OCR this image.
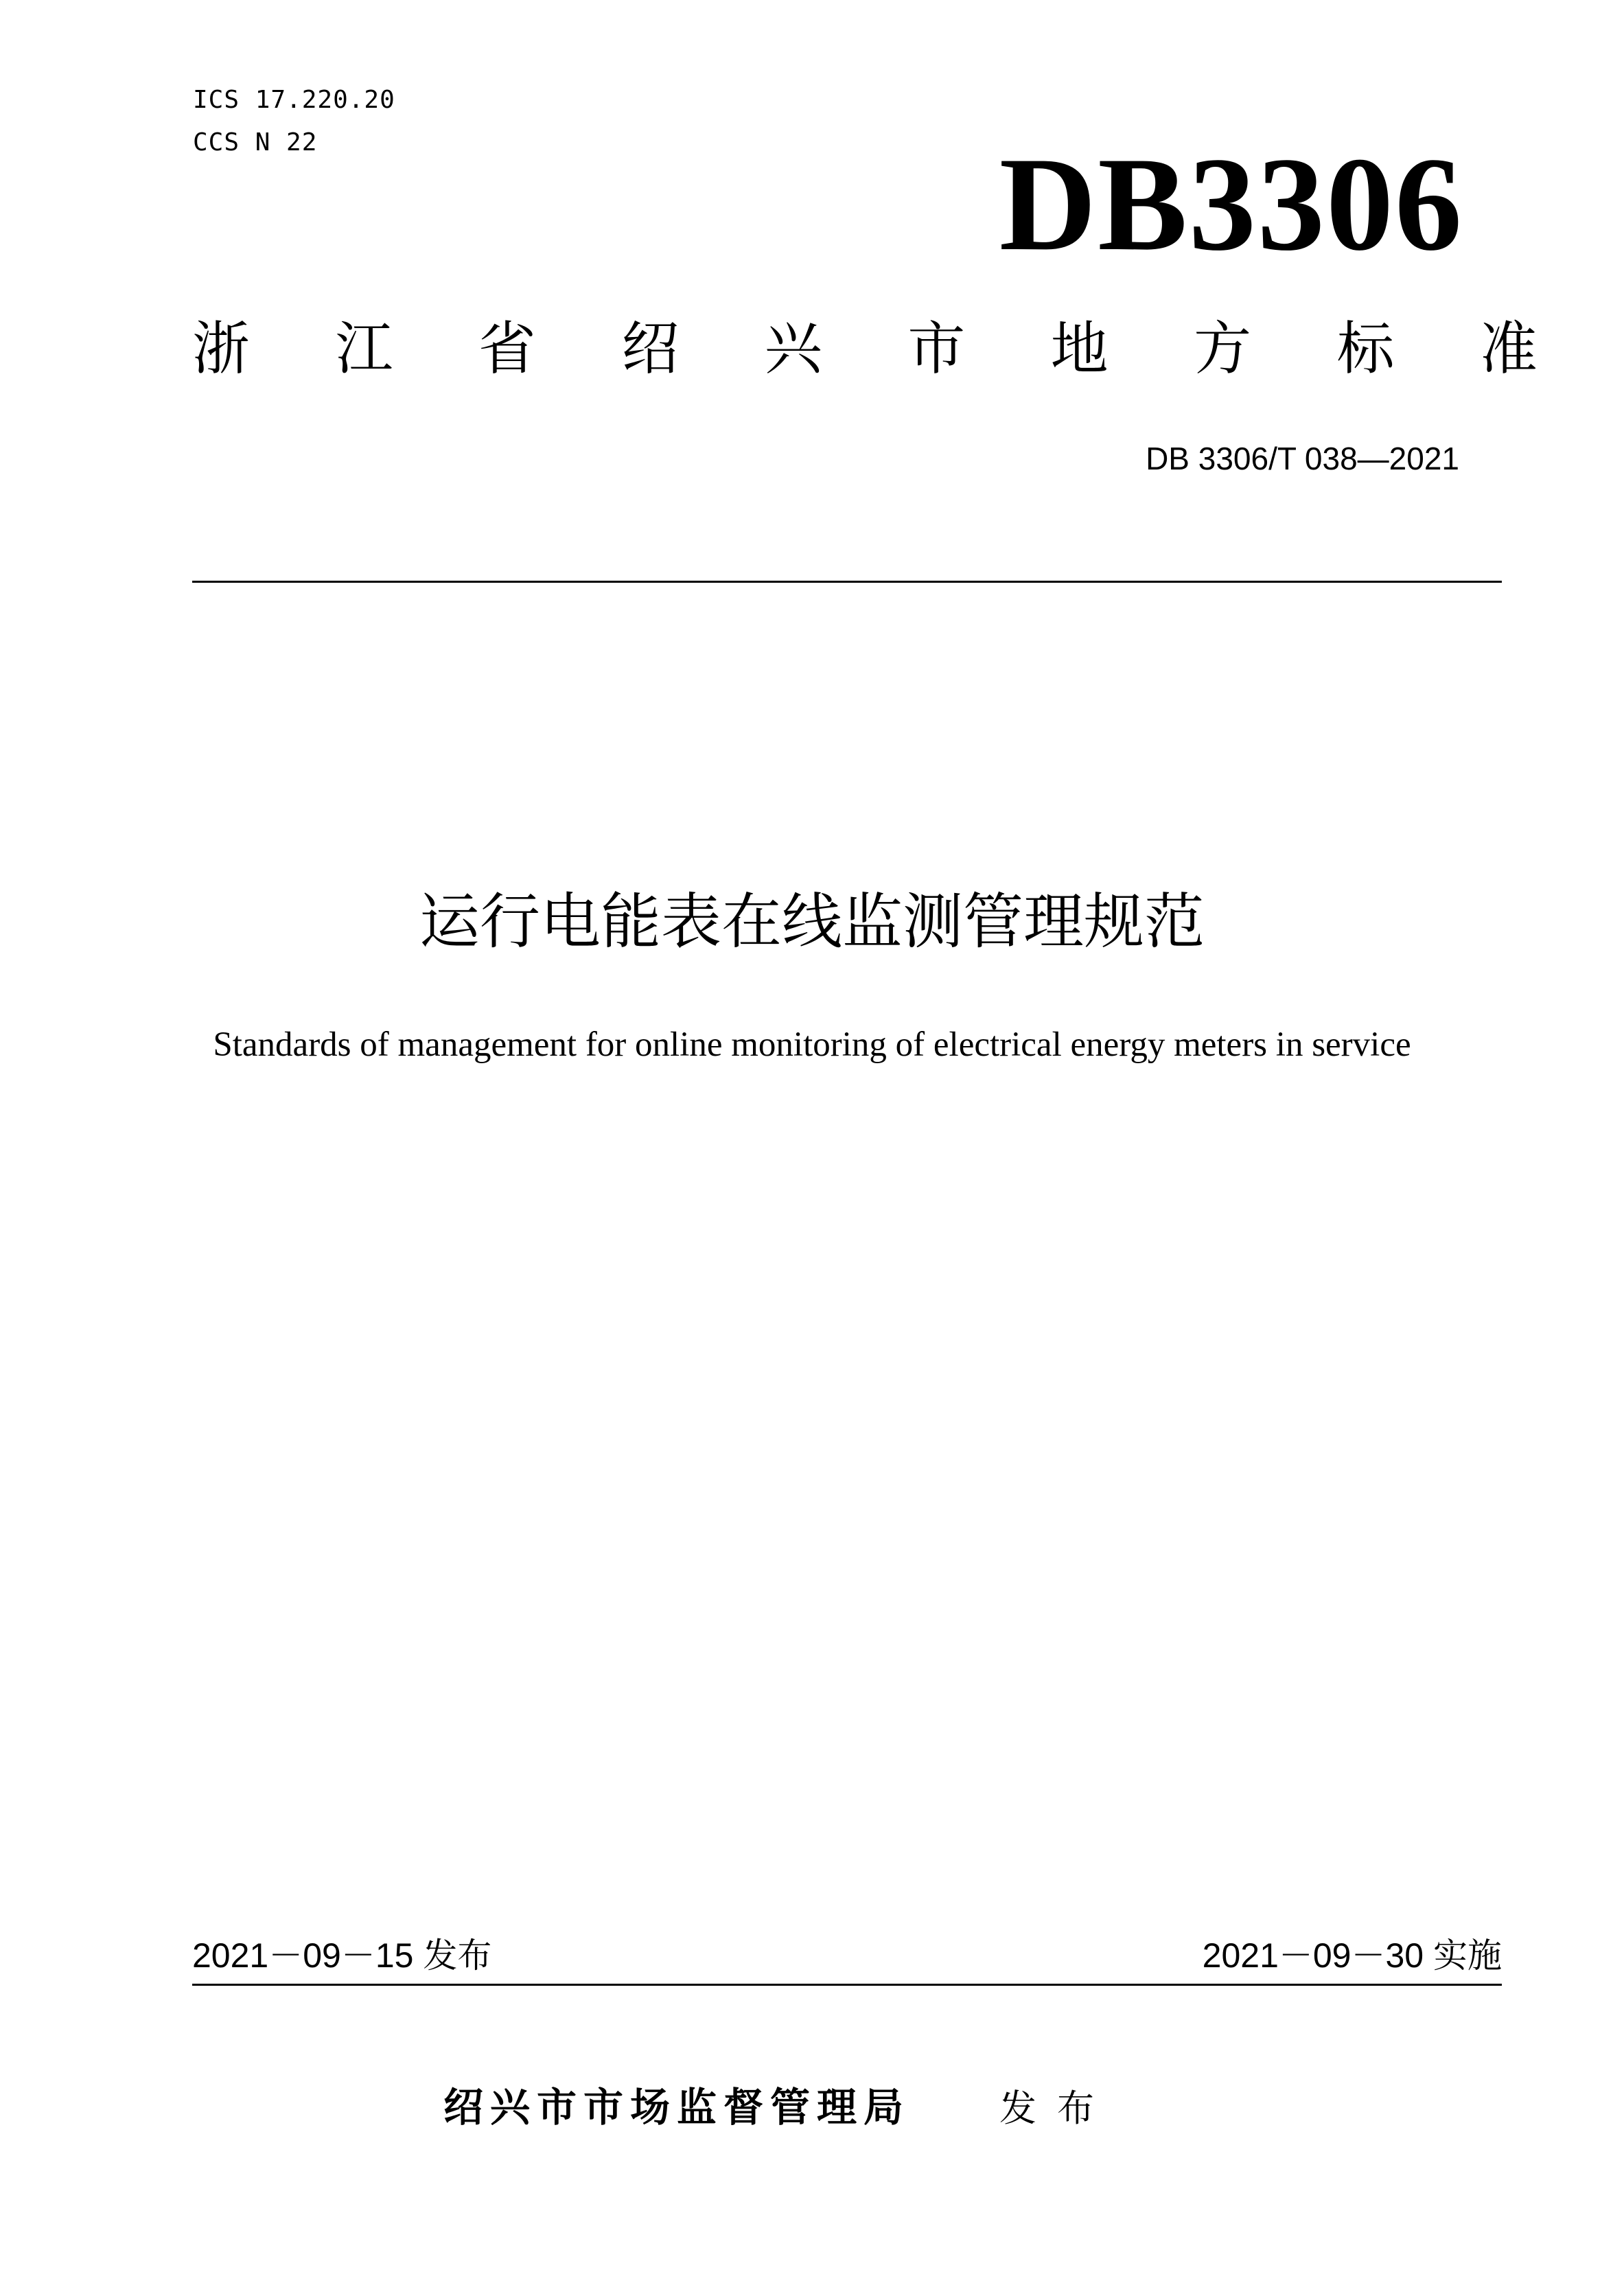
ICS 17.220.20
CCS N 22	DB3306
浙 江 省 绍 兴 市 地 方 标 准
DB 3306/T 038—2021
运行电能表在线监测管理规范
Standards of management for online monitoring of electrical energy meters in service
2021－09－15 发布	2021－09－30 实施
绍兴市市场监督管理局 发布
